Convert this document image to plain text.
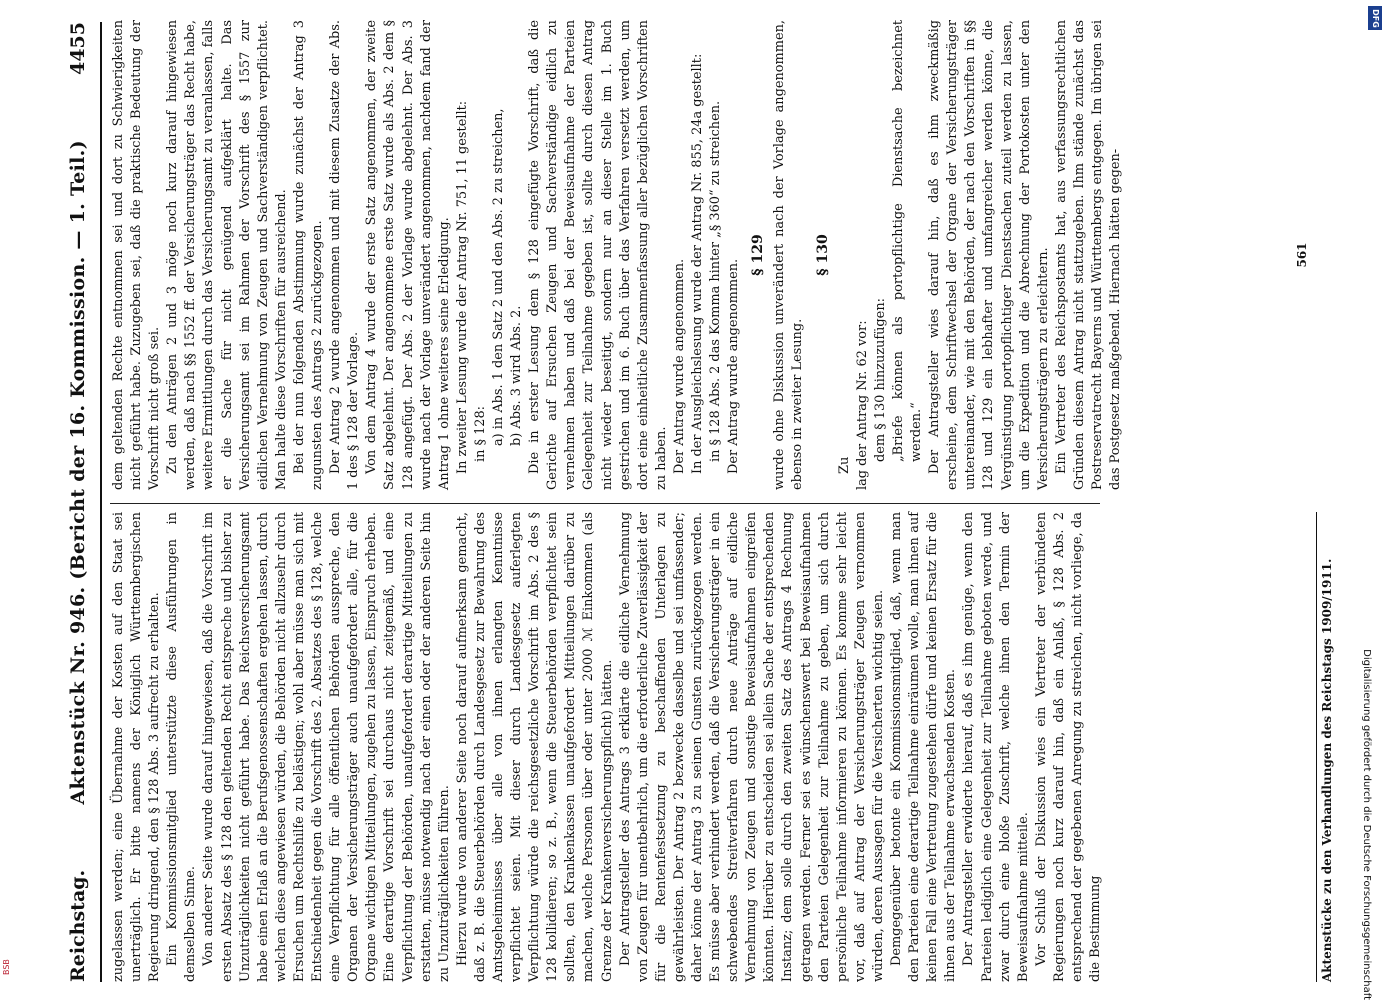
Reichstag.
Aktenstück Nr. 946. (Bericht der 16. Kommission. — 1. Teil.)
4455

zugelassen werden; eine Übernahme der Kosten auf den Staat sei unerträglich. Er bitte namens der Königlich Württembergischen Regierung dringend, den § 128 Abs. 3 aufrecht zu erhalten. Ein Kommissionsmitglied unterstützte diese Ausführungen in demselben Sinne. Von anderer Seite wurde darauf hingewiesen, daß die Vorschrift im ersten Absatz des § 128 den geltenden Recht entspreche und bisher zu Unzuträglichkeiten nicht geführt habe. Das Reichsversicherungsamt habe einen Erlaß an die Berufsgenossenschaften ergehen lassen, durch welchen diese angewiesen würden, die Behörden nicht allzusehr durch Ersuchen um Rechtshilfe zu belästigen; wohl aber müsse man sich mit Entschiedenheit gegen die Vorschrift des 2. Absatzes des § 128, welche eine Verpflichtung für alle öffentlichen Behörden ausspreche, den Organen der Versicherungsträger auch unaufgefordert alle, für die Organe wichtigen Mitteilungen, zugehen zu lassen, Einspruch erheben. Eine derartige Vorschrift sei durchaus nicht zeitgemäß, und eine Verpflichtung der Behörden, unaufgefordert derartige Mitteilungen zu erstatten, müsse notwendig nach der einen oder der anderen Seite hin zu Unzuträglichkeiten führen. Hierzu wurde von anderer Seite noch darauf aufmerksam gemacht, daß z. B. die Steuerbehörden durch Landesgesetz zur Bewahrung des Amtsgeheimnisses über alle von ihnen erlangten Kenntnisse verpflichtet seien. Mit dieser durch Landesgesetz auferlegten Verpflichtung würde die reichsgesetzliche Vorschrift im Abs. 2 des § 128 kollidieren; so z. B., wenn die Steuerbehörden verpflichtet sein sollten, den Krankenkassen unaufgefordert Mitteilungen darüber zu machen, welche Personen über oder unter 2000 ℳ Einkommen (als Grenze der Krankenversicherungspflicht) hätten. Der Antragsteller des Antrags 3 erklärte die eidliche Vernehmung von Zeugen für unentbehrlich, um die erforderliche Zuverlässigkeit der für die Rentenfestsetzung zu beschaffenden Unterlagen zu gewährleisten. Der Antrag 2 bezwecke dasselbe und sei umfassender; daher könne der Antrag 3 zu seinen Gunsten zurückgezogen werden. Es müsse aber verhindert werden, daß die Versicherungsträger in ein schwebendes Streitverfahren durch neue Anträge auf eidliche Vernehmung von Zeugen und sonstige Beweisaufnahmen eingreifen könnten. Hierüber zu entscheiden sei allein Sache der entsprechenden Instanz; dem solle durch den zweiten Satz des Antrags 4 Rechnung getragen werden. Ferner sei es wünschenswert bei Beweisaufnahmen den Parteien Gelegenheit zur Teilnahme zu geben, um sich durch persönliche Teilnahme informieren zu können. Es komme sehr leicht vor, daß auf Antrag der Versicherungsträger Zeugen vernommen würden, deren Aussagen für die Versicherten wichtig seien. Demgegenüber betonte ein Kommissionsmitglied, daß, wenn man den Parteien eine derartige Teilnahme einräumen wolle, man ihnen auf keinen Fall eine Vertretung zugestehen dürfe und keinen Ersatz für die ihnen aus der Teilnahme erwachsenden Kosten. Der Antragsteller erwiderte hierauf, daß es ihm genüge, wenn den Parteien lediglich eine Gelegenheit zur Teilnahme geboten werde, und zwar durch eine bloße Zuschrift, welche ihnen den Termin der Beweisaufnahme mitteile. Vor Schluß der Diskussion wies ein Vertreter der verbündeten Regierungen noch kurz darauf hin, daß ein Anlaß, § 128 Abs. 2 entsprechend der gegebenen Anregung zu streichen, nicht vorliege, da die Bestimmung

dem geltenden Rechte entnommen sei und dort zu Schwierigkeiten nicht geführt habe. Zuzugeben sei, daß die praktische Bedeutung der Vorschrift nicht groß sei. Zu den Anträgen 2 und 3 möge noch kurz darauf hingewiesen werden, daß nach §§ 1552 ff. der Versicherungsträger das Recht habe, weitere Ermittlungen durch das Versicherungsamt zu veranlassen, falls er die Sache für nicht genügend aufgeklärt halte. Das Versicherungsamt sei im Rahmen der Vorschrift des § 1557 zur eidlichen Vernehmung von Zeugen und Sachverständigen verpflichtet. Man halte diese Vorschriften für ausreichend. Bei der nun folgenden Abstimmung wurde zunächst der Antrag 3 zugunsten des Antrags 2 zurückgezogen. Der Antrag 2 wurde angenommen und mit diesem Zusatze der Abs. 1 des § 128 der Vorlage. Von dem Antrag 4 wurde der erste Satz angenommen, der zweite Satz abgelehnt. Der angenommene erste Satz wurde als Abs. 2 dem § 128 angefügt. Der Abs. 2 der Vorlage wurde abgelehnt. Der Abs. 3 wurde nach der Vorlage unverändert angenommen, nachdem fand der Antrag 1 ohne weiteres seine Erledigung. In zweiter Lesung wurde der Antrag Nr. 751, 11 gestellt: in § 128: a) in Abs. 1 den Satz 2 und den Abs. 2 zu streichen, b) Abs. 3 wird Abs. 2. Die in erster Lesung dem § 128 eingefügte Vorschrift, daß die Gerichte auf Ersuchen Zeugen und Sachverständige eidlich zu vernehmen haben und daß bei der Beweisaufnahme der Parteien Gelegenheit zur Teilnahme gegeben ist, sollte durch diesen Antrag nicht wieder beseitigt, sondern nur an dieser Stelle im 1. Buch gestrichen und im 6. Buch über das Verfahren versetzt werden, um dort eine einheitliche Zusammenfassung aller bezüglichen Vorschriften zu haben. Der Antrag wurde angenommen. In der Ausgleichslesung wurde der Antrag Nr. 855, 24a gestellt: in § 128 Abs. 2 das Komma hinter „§ 360“ zu streichen. Der Antrag wurde angenommen.

§ 129 wurde ohne Diskussion unverändert nach der Vorlage angenommen, ebenso in zweiter Lesung.

§ 130

Zu lag der Antrag Nr. 62 vor: dem § 130 hinzuzufügen: „Briefe können als portopflichtige Dienstsache bezeichnet werden.“ Der Antragsteller wies darauf hin, daß es ihm zweckmäßig erscheine, dem Schriftwechsel der Organe der Versicherungsträger untereinander, wie mit den Behörden, der nach den Vorschriften in §§ 128 und 129 ein lebhafter und umfangreicher werden könne, die Vergünstigung portopflichtiger Dienstsachen zuteil werden zu lassen, um die Expedition und die Abrechnung der Portokosten unter den Versicherungsträgern zu erleichtern. Ein Vertreter des Reichspostamts hat, aus verfassungsrechtlichen Gründen diesem Antrag nicht stattzugeben. Ihm stände zunächst das Postreservatrecht Bayerns und Württembergs entgegen. Im übrigen sei das Postgesetz maßgebend. Hiernach hätten gegen-

Aktenstücke zu den Verhandlungen des Reichstags 1909/1911.
561
Digitalisierung gefördert durch die Deutsche Forschungsgemeinschaft
DFG
BSB
